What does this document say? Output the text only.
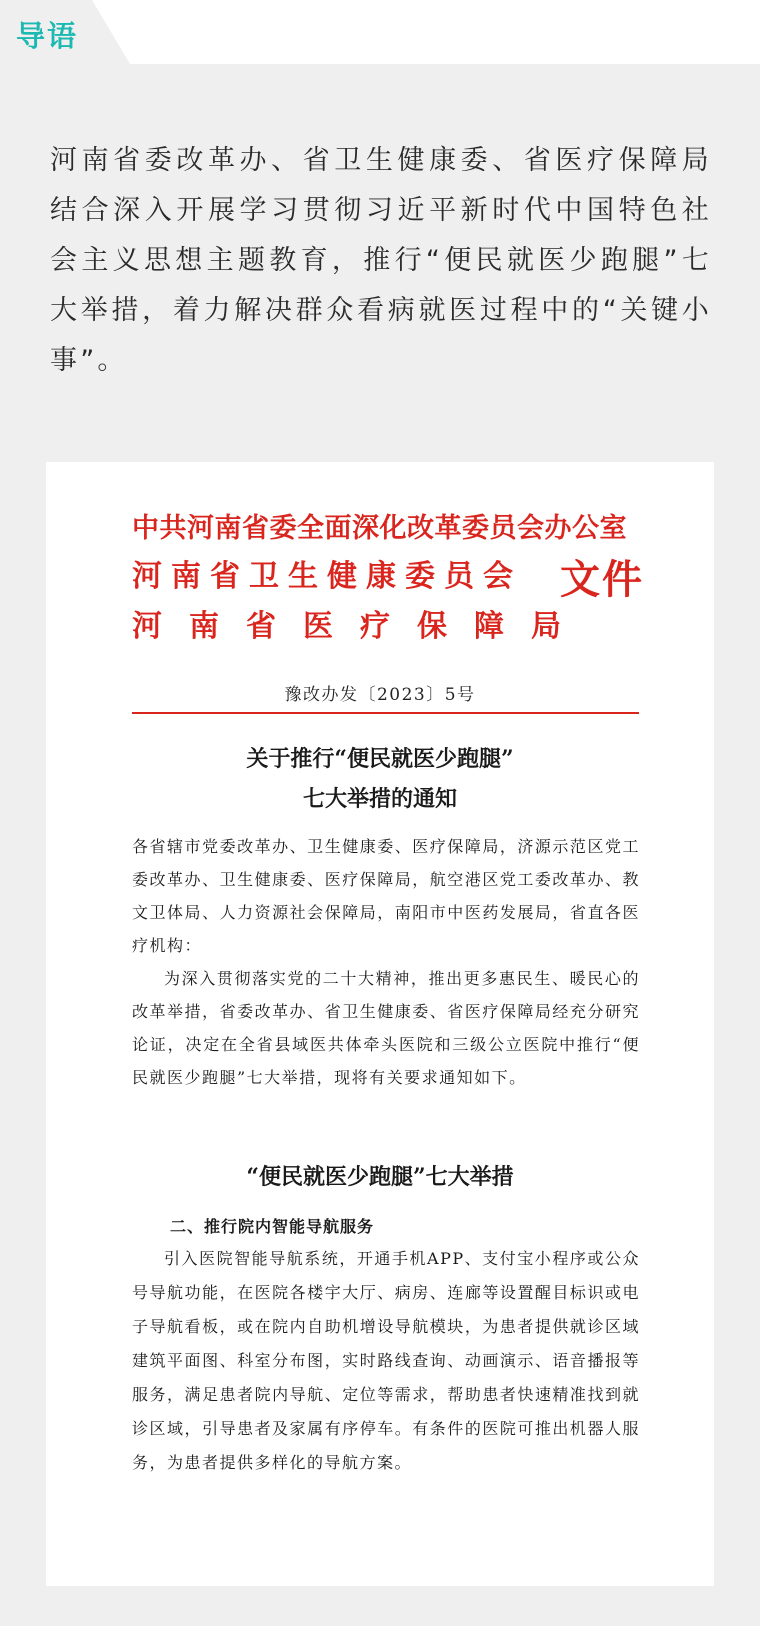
导语

河南省委改革办、省卫生健康委、省医疗保障局结合深入开展学习贯彻习近平新时代中国特色社会主义思想主题教育，推行“便民就医少跑腿”七大举措，着力解决群众看病就医过程中的“关键小事”。

中共河南省委全面深化改革委员会办公室
河南省卫生健康委员会
河南省医疗保障局
文件
豫改办发〔2023〕5号
关于推行“便民就医少跑腿”
七大举措的通知

各省辖市党委改革办、卫生健康委、医疗保障局，济源示范区党工委改革办、卫生健康委、医疗保障局，航空港区党工委改革办、教文卫体局、人力资源社会保障局，南阳市中医药发展局，省直各医疗机构：

为深入贯彻落实党的二十大精神，推出更多惠民生、暖民心的改革举措，省委改革办、省卫生健康委、省医疗保障局经充分研究论证，决定在全省县域医共体牵头医院和三级公立医院中推行“便民就医少跑腿”七大举措，现将有关要求通知如下。

“便民就医少跑腿”七大举措
二、推行院内智能导航服务

引入医院智能导航系统，开通手机APP、支付宝小程序或公众号导航功能，在医院各楼宇大厅、病房、连廊等设置醒目标识或电子导航看板，或在院内自助机增设导航模块，为患者提供就诊区域建筑平面图、科室分布图，实时路线查询、动画演示、语音播报等服务，满足患者院内导航、定位等需求，帮助患者快速精准找到就诊区域，引导患者及家属有序停车。有条件的医院可推出机器人服务，为患者提供多样化的导航方案。
